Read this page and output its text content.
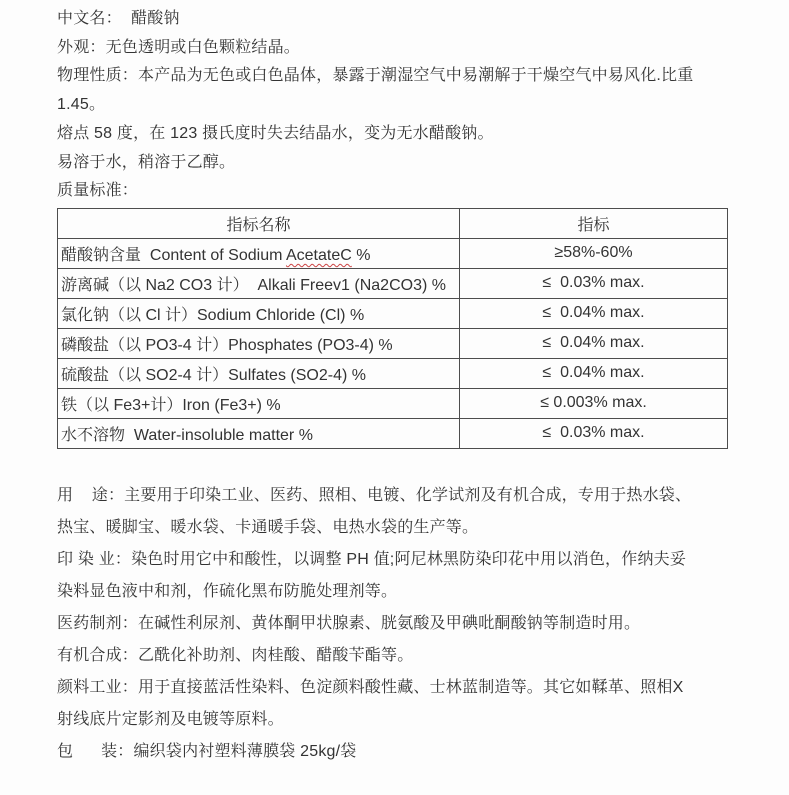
中文名：  醋酸钠
外观：无色透明或白色颗粒结晶。
物理性质：本产品为无色或白色晶体，暴露于潮湿空气中易潮解于干燥空气中易风化.比重
1.45。
熔点 58 度，在 123 摄氏度时失去结晶水，变为无水醋酸钠。
易溶于水，稍溶于乙醇。
质量标准：
指标名称	指标
醋酸钠含量  Content of Sodium AcetateC %	≥58%-60%
游离碱（以 Na2 CO3 计）  Alkali Freev1 (Na2CO3) %	≤  0.03% max.
氯化钠（以 Cl 计）Sodium Chloride (Cl) %	≤  0.04% max.
磷酸盐（以 PO3-4 计）Phosphates (PO3-4) %	≤  0.04% max.
硫酸盐（以 SO2-4 计）Sulfates (SO2-4) %	≤  0.04% max.
铁（以 Fe3+计）Iron (Fe3+) %	≤ 0.003% max.
水不溶物  Water-insoluble matter %	≤  0.03% max.
用    途：主要用于印染工业、医药、照相、电镀、化学试剂及有机合成，专用于热水袋、
热宝、暖脚宝、暖水袋、卡通暖手袋、电热水袋的生产等。
印 染 业：染色时用它中和酸性，以调整 PH 值;阿尼林黑防染印花中用以消色，作纳夫妥
染料显色液中和剂，作硫化黑布防脆处理剂等。
医药制剂：在碱性利尿剂、黄体酮甲状腺素、胱氨酸及甲碘吡酮酸钠等制造时用。
有机合成：乙酰化补助剂、肉桂酸、醋酸苄酯等。
颜料工业：用于直接蓝活性染料、色淀颜料酸性藏、士林蓝制造等。其它如鞣革、照相X
射线底片定影剂及电镀等原料。
包      装：编织袋内衬塑料薄膜袋 25kg/袋
